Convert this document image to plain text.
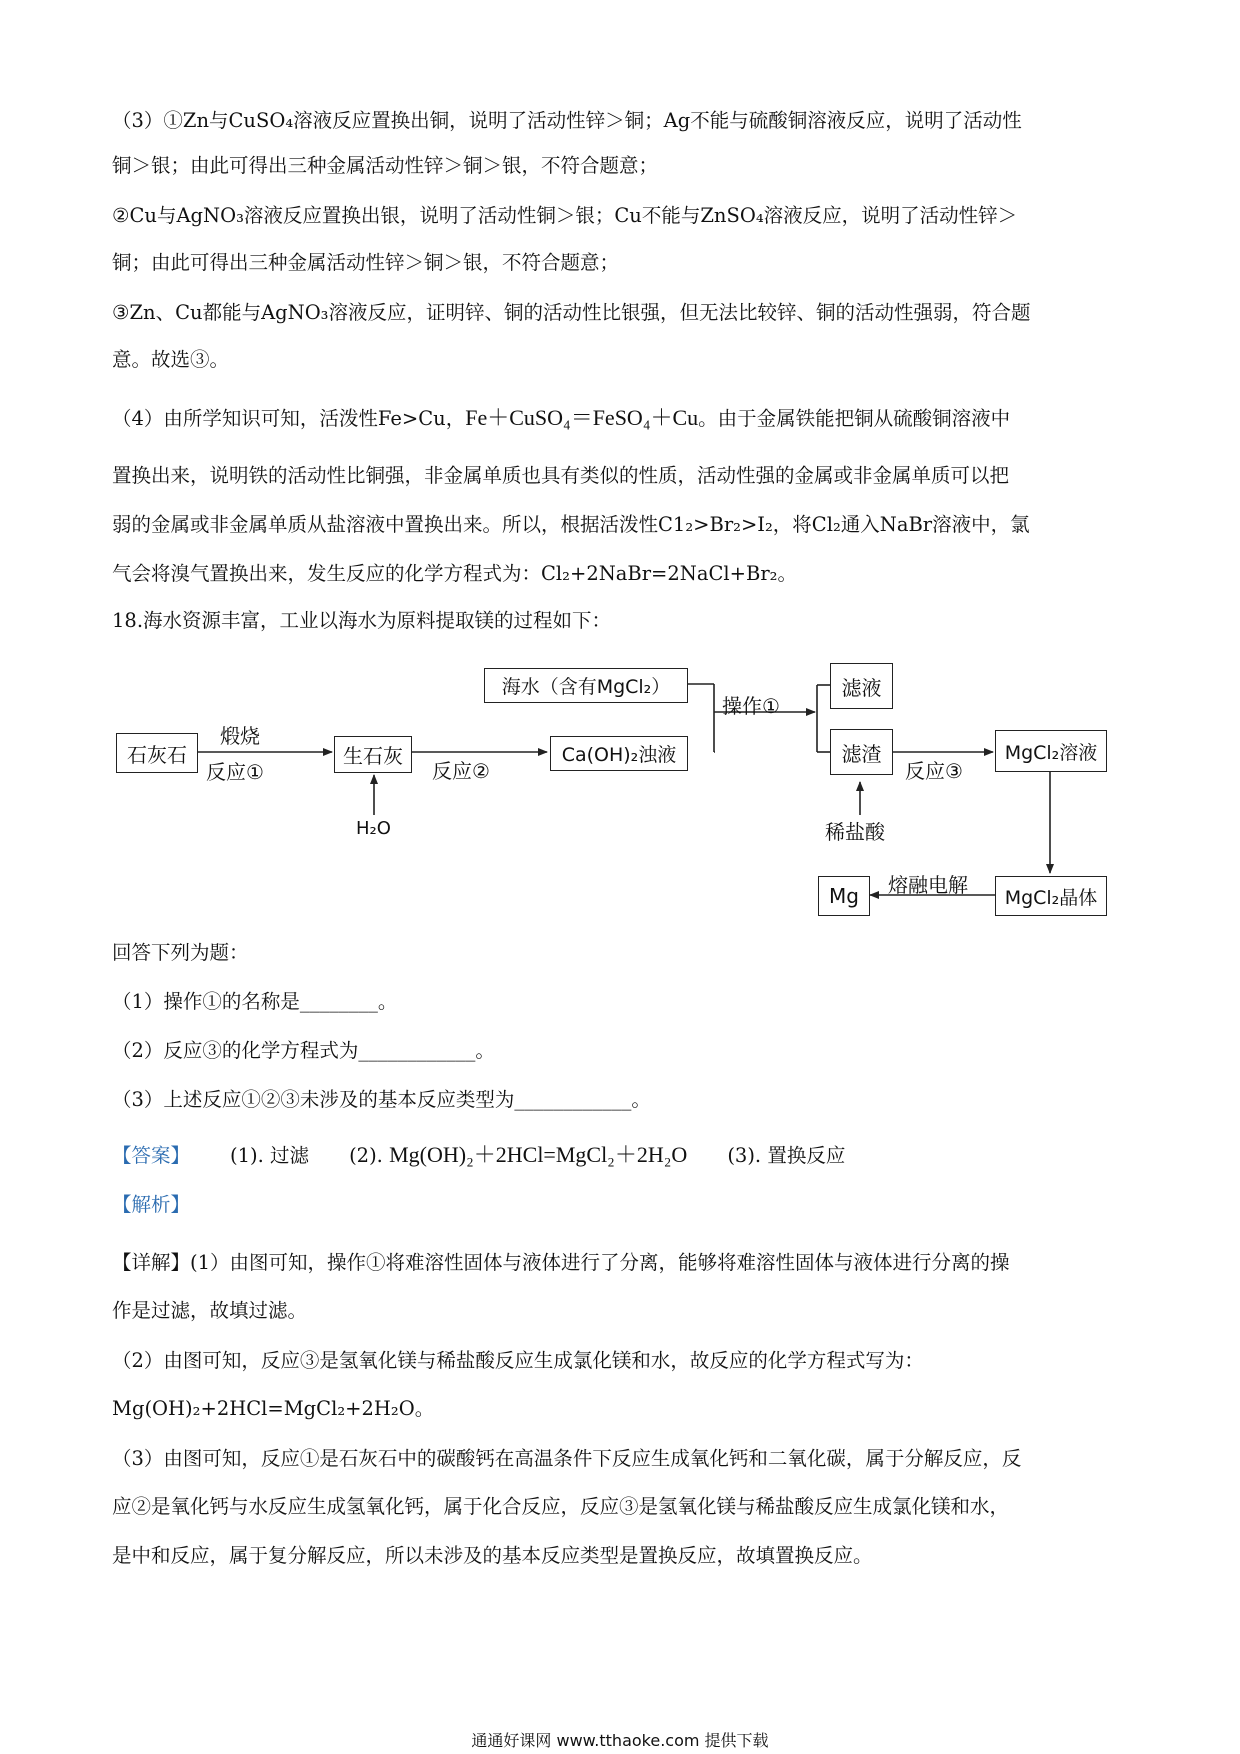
（3）①Zn与CuSO₄溶液反应置换出铜，说明了活动性锌＞铜；Ag不能与硫酸铜溶液反应，说明了活动性
铜＞银；由此可得出三种金属活动性锌＞铜＞银，不符合题意；
②Cu与AgNO₃溶液反应置换出银，说明了活动性铜＞银；Cu不能与ZnSO₄溶液反应，说明了活动性锌＞
铜；由此可得出三种金属活动性锌＞铜＞银，不符合题意；
③Zn、Cu都能与AgNO₃溶液反应，证明锌、铜的活动性比银强，但无法比较锌、铜的活动性强弱，符合题
意。故选③。
（4）由所学知识可知，活泼性Fe>Cu，Fe＋CuSO₄＝FeSO₄＋Cu。由于金属铁能把铜从硫酸铜溶液中
置换出来，说明铁的活动性比铜强，非金属单质也具有类似的性质，活动性强的金属或非金属单质可以把
弱的金属或非金属单质从盐溶液中置换出来。所以，根据活泼性C1₂>Br₂>I₂，将Cl₂通入NaBr溶液中，氯
气会将溴气置换出来，发生反应的化学方程式为：Cl₂+2NaBr=2NaCl+Br₂。
18.海水资源丰富，工业以海水为原料提取镁的过程如下：
石灰石
煅烧
反应①
生石灰
H₂O
反应②
Ca(OH)₂浊液
海水（含有MgCl₂）
操作①
滤液
滤渣
稀盐酸
反应③
MgCl₂溶液
MgCl₂晶体
熔融电解
Mg
回答下列为题：
（1）操作①的名称是________。
（2）反应③的化学方程式为____________。
（3）上述反应①②③未涉及的基本反应类型为____________。
【答案】 (1). 过滤 (2). Mg(OH)₂＋2HCl=MgCl₂＋2H₂O (3). 置换反应
【解析】
【详解】(1）由图可知，操作①将难溶性固体与液体进行了分离，能够将难溶性固体与液体进行分离的操
作是过滤，故填过滤。
（2）由图可知，反应③是氢氧化镁与稀盐酸反应生成氯化镁和水，故反应的化学方程式写为：
Mg(OH)₂+2HCl=MgCl₂+2H₂O。
（3）由图可知，反应①是石灰石中的碳酸钙在高温条件下反应生成氧化钙和二氧化碳，属于分解反应，反
应②是氧化钙与水反应生成氢氧化钙，属于化合反应，反应③是氢氧化镁与稀盐酸反应生成氯化镁和水，
是中和反应，属于复分解反应，所以未涉及的基本反应类型是置换反应，故填置换反应。
通通好课网 www.tthaoke.com 提供下载
